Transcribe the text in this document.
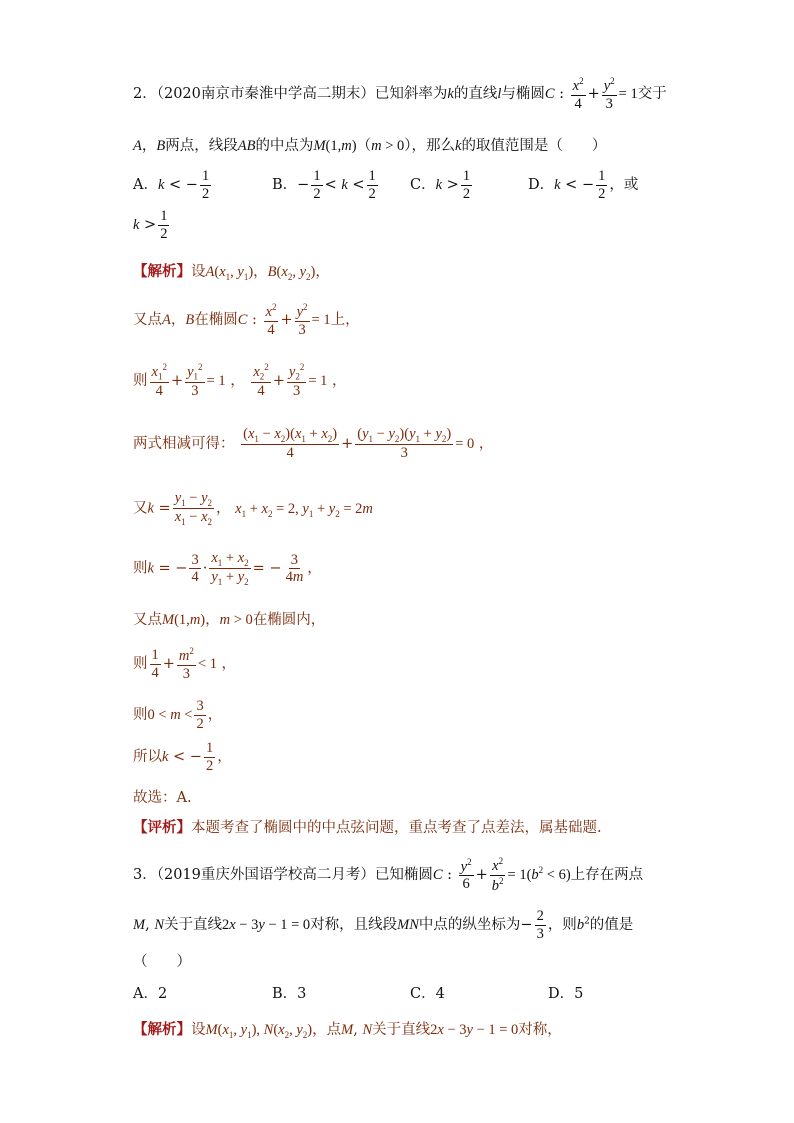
2．（2020南京市秦淮中学高二期末）已知斜率为k的直线l与椭圆C : $\frac{x^2}{4} + \frac{y^2}{3} = 1$交于
A，B两点，线段AB的中点为M(1,m)（m > 0），那么k的取值范围是（　　）
A．k < − $\frac{1}{2}$	B．− $\frac{1}{2} < k < \frac{1}{2}$ C．$k > \frac{1}{2}$	D．k < − $\frac{1}{2}$ ，或
$k > \frac{1}{2}$
【解析】设$A(x_1$, $y_1$)，$B(x_2$, $y_2$)，
又点A，B在椭圆C : $\frac{x^2}{4} + \frac{y^2}{3} = 1$上，
则 $\frac{x_1^2}{4} + \frac{y_1^2}{3} = 1$ ， $\frac{x_2^2}{4} + \frac{y_2^2}{3} = 1$ ，
两式相减可得： $\frac{(x_1 - x_2)(x_1 + x_2)}{4} + \frac{(y_1 - y_2)(y_1 + y_2)}{3} = 0$ ，
又$k = \frac{y_1 - y_2}{x_1 - x_2}$ ， $x_1 + x_2 = 2$, $y_1 + y_2 = 2m$
则k = − $\frac{3}{4} \cdot \frac{x_1 + x_2}{y_1 + y_2}$ = − $\frac{3}{4m}$ ，
又点M(1,m)，m > 0在椭圆内，
则 $\frac{1}{4} + \frac{m^2}{3} < 1$ ，
则$0 < m < \frac{3}{2}$ ，
所以k < − $\frac{1}{2}$ ，
故选：A.
【评析】本题考查了椭圆中的中点弦问题，重点考查了点差法，属基础题.
3．（2019重庆外国语学校高二月考）已知椭圆C : $\frac{y^2}{6} + \frac{x^2}{b^2} = 1(b^2 < 6)$上存在两点
M, N关于直线2x − 3y − 1 = 0对称，且线段MN中点的纵坐标为− $\frac{2}{3}$ ，则$b^2$的值是
（　　）
A．2	B．3	C．4	D．5
【解析】设$M(x_1$, $y_1$), $N(x_2$, $y_2$)，点M, N关于直线2x − 3y − 1 = 0对称，
